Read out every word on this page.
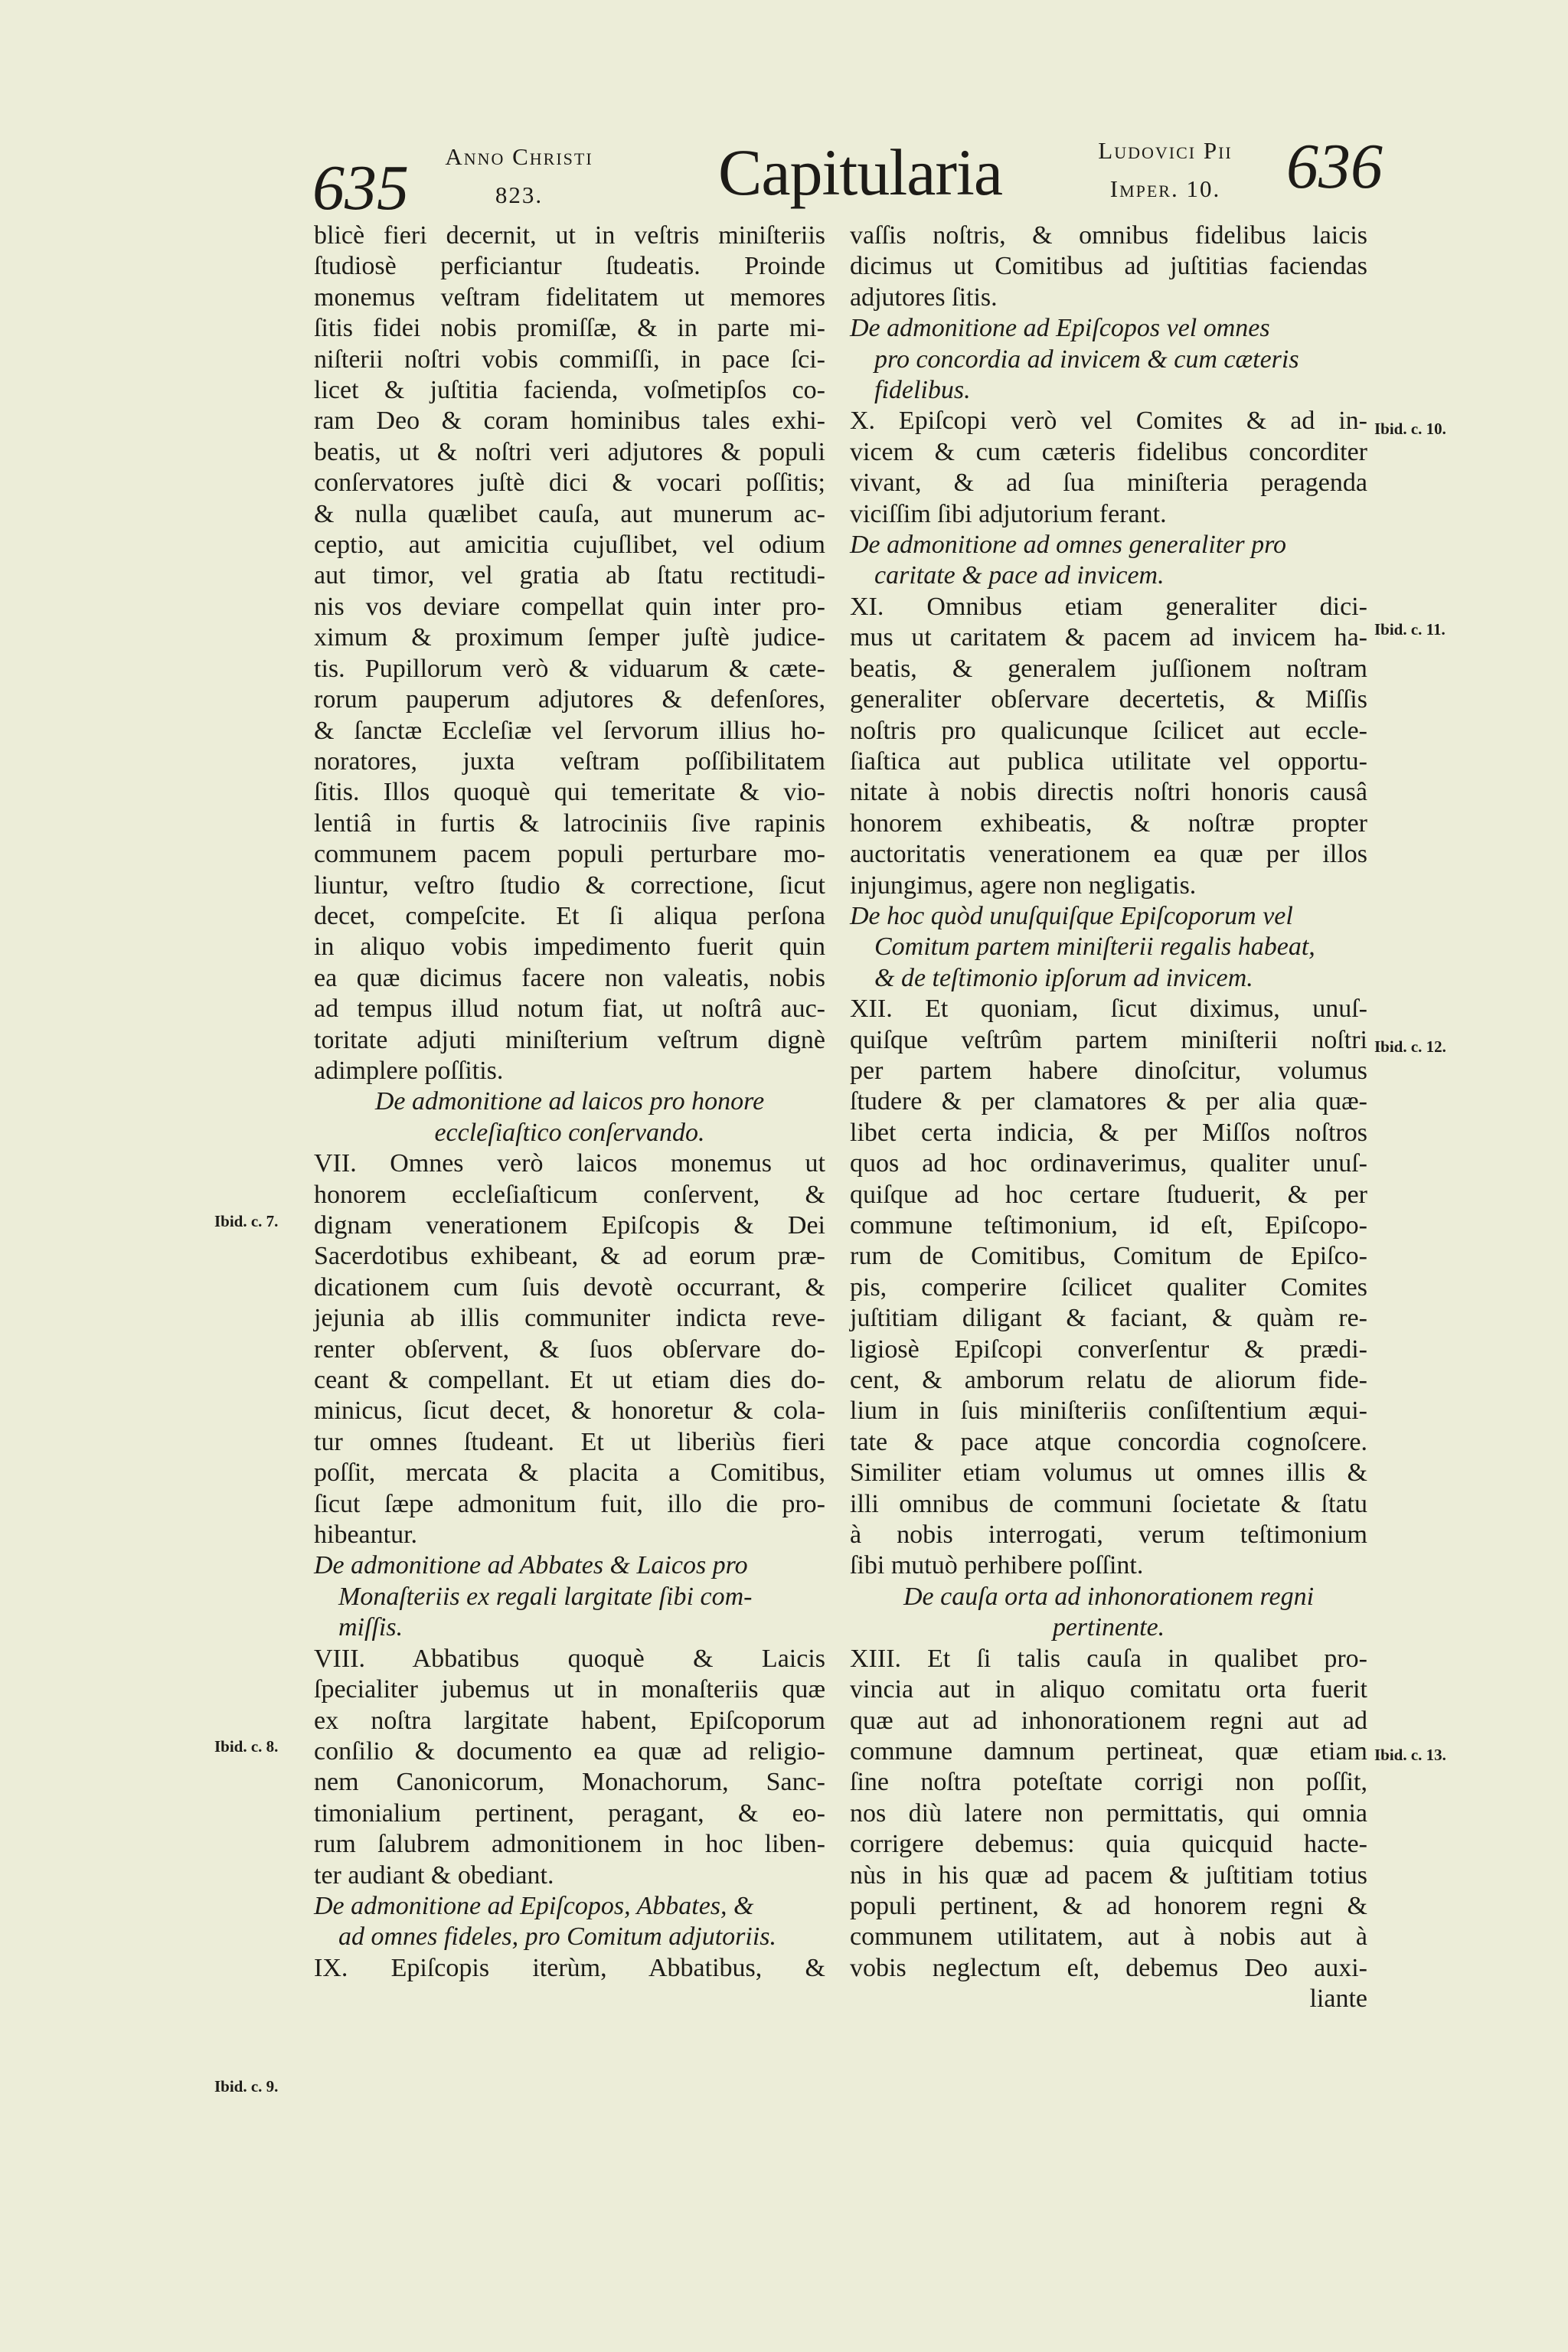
635	Anno Christi
823.	Capitularia	Ludovici Pii
Imper. 10.	636
Ibid. c. 7.
Ibid. c. 8.
Ibid. c. 9.
Ibid. c. 10.
Ibid. c. 11.
Ibid. c. 12.
Ibid. c. 13.

blicè fieri decernit, ut in veſtris miniſteriis

ſtudiosè perficiantur ſtudeatis. Proinde

monemus veſtram fidelitatem ut memores

ſitis fidei nobis promiſſæ, & in parte mi-

niſterii noſtri vobis commiſſi, in pace ſci-

licet & juſtitia facienda, voſmetipſos co-

ram Deo & coram hominibus tales exhi-

beatis, ut & noſtri veri adjutores & populi

conſervatores juſtè dici & vocari poſſitis;

& nulla quælibet cauſa, aut munerum ac-

ceptio, aut amicitia cujuſlibet, vel odium

aut timor, vel gratia ab ſtatu rectitudi-

nis vos deviare compellat quin inter pro-

ximum & proximum ſemper juſtè judice-

tis. Pupillorum verò & viduarum & cæte-

rorum pauperum adjutores & defenſores,

& ſanctæ Eccleſiæ vel ſervorum illius ho-

noratores, juxta veſtram poſſibilitatem

ſitis. Illos quoquè qui temeritate & vio-

lentiâ in furtis & latrociniis ſive rapinis

communem pacem populi perturbare mo-

liuntur, veſtro ſtudio & correctione, ſicut

decet, compeſcite. Et ſi aliqua perſona

in aliquo vobis impedimento fuerit quin

ea quæ dicimus facere non valeatis, nobis

ad tempus illud notum fiat, ut noſtrâ auc-

toritate adjuti miniſterium veſtrum dignè

adimplere poſſitis.

De admonitione ad laicos pro honore

eccleſiaſtico conſervando.

VII. Omnes verò laicos monemus ut

honorem eccleſiaſticum conſervent, &

dignam venerationem Epiſcopis & Dei

Sacerdotibus exhibeant, & ad eorum præ-

dicationem cum ſuis devotè occurrant, &

jejunia ab illis communiter indicta reve-

renter obſervent, & ſuos obſervare do-

ceant & compellant. Et ut etiam dies do-

minicus, ſicut decet, & honoretur & cola-

tur omnes ſtudeant. Et ut liberiùs fieri

poſſit, mercata & placita a Comitibus,

ſicut ſæpe admonitum fuit, illo die pro-

hibeantur.

De admonitione ad Abbates & Laicos pro

Monaſteriis ex regali largitate ſibi com-

miſſis.

VIII. Abbatibus quoquè & Laicis

ſpecialiter jubemus ut in monaſteriis quæ

ex noſtra largitate habent, Epiſcoporum

conſilio & documento ea quæ ad religio-

nem Canonicorum, Monachorum, Sanc-

timonialium pertinent, peragant, & eo-

rum ſalubrem admonitionem in hoc liben-

ter audiant & obediant.

De admonitione ad Epiſcopos, Abbates, &

ad omnes fideles, pro Comitum adjutoriis.

IX. Epiſcopis iterùm, Abbatibus, &

vaſſis noſtris, & omnibus fidelibus laicis

dicimus ut Comitibus ad juſtitias faciendas

adjutores ſitis.

De admonitione ad Epiſcopos vel omnes

pro concordia ad invicem & cum cæteris

fidelibus.

X. Epiſcopi verò vel Comites & ad in-

vicem & cum cæteris fidelibus concorditer

vivant, & ad ſua miniſteria peragenda

viciſſim ſibi adjutorium ferant.

De admonitione ad omnes generaliter pro

caritate & pace ad invicem.

XI. Omnibus etiam generaliter dici-

mus ut caritatem & pacem ad invicem ha-

beatis, & generalem juſſionem noſtram

generaliter obſervare decertetis, & Miſſis

noſtris pro qualicunque ſcilicet aut eccle-

ſiaſtica aut publica utilitate vel opportu-

nitate à nobis directis noſtri honoris causâ

honorem exhibeatis, & noſtræ propter

auctoritatis venerationem ea quæ per illos

injungimus, agere non negligatis.

De hoc quòd unuſquiſque Epiſcoporum vel

Comitum partem miniſterii regalis habeat,

& de teſtimonio ipſorum ad invicem.

XII. Et quoniam, ſicut diximus, unuſ-

quiſque veſtrûm partem miniſterii noſtri

per partem habere dinoſcitur, volumus

ſtudere & per clamatores & per alia quæ-

libet certa indicia, & per Miſſos noſtros

quos ad hoc ordinaverimus, qualiter unuſ-

quiſque ad hoc certare ſtuduerit, & per

commune teſtimonium, id eſt, Epiſcopo-

rum de Comitibus, Comitum de Epiſco-

pis, comperire ſcilicet qualiter Comites

juſtitiam diligant & faciant, & quàm re-

ligiosè Epiſcopi converſentur & prædi-

cent, & amborum relatu de aliorum fide-

lium in ſuis miniſteriis conſiſtentium æqui-

tate & pace atque concordia cognoſcere.

Similiter etiam volumus ut omnes illis &

illi omnibus de communi ſocietate & ſtatu

à nobis interrogati, verum teſtimonium

ſibi mutuò perhibere poſſint.

De cauſa orta ad inhonorationem regni

pertinente.

XIII. Et ſi talis cauſa in qualibet pro-

vincia aut in aliquo comitatu orta fuerit

quæ aut ad inhonorationem regni aut ad

commune damnum pertineat, quæ etiam

ſine noſtra poteſtate corrigi non poſſit,

nos diù latere non permittatis, qui omnia

corrigere debemus: quia quicquid hacte-

nùs in his quæ ad pacem & juſtitiam totius

populi pertinent, & ad honorem regni &

communem utilitatem, aut à nobis aut à

vobis neglectum eſt, debemus Deo auxi-

liante
